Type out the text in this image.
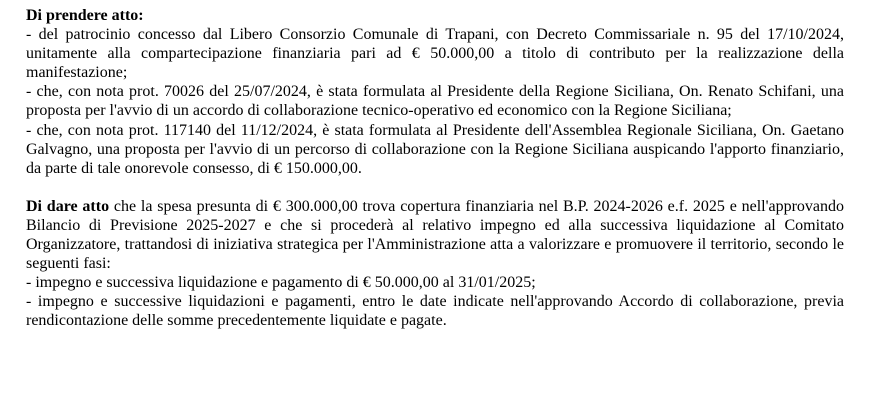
Di prendere atto:
- del patrocinio concesso dal Libero Consorzio Comunale di Trapani, con Decreto Commissariale n. 95 del 17/10/2024, unitamente alla compartecipazione finanziaria pari ad € 50.000,00 a titolo di contributo per la realizzazione della manifestazione;
- che, con nota prot. 70026 del 25/07/2024, è stata formulata al Presidente della Regione Siciliana, On. Renato Schifani, una proposta per l'avvio di un accordo di collaborazione tecnico-operativo ed economico con la Regione Siciliana;
- che, con nota prot. 117140 del 11/12/2024, è stata formulata al Presidente dell'Assemblea Regionale Siciliana, On. Gaetano Galvagno, una proposta per l'avvio di un percorso di collaborazione con la Regione Siciliana auspicando l'apporto finanziario, da parte di tale onorevole consesso, di € 150.000,00.
Di dare atto che la spesa presunta di € 300.000,00 trova copertura finanziaria nel B.P. 2024-2026 e.f. 2025 e nell'approvando Bilancio di Previsione 2025-2027 e che si procederà al relativo impegno ed alla successiva liquidazione al Comitato Organizzatore, trattandosi di iniziativa strategica per l'Amministrazione atta a valorizzare e promuovere il territorio, secondo le seguenti fasi:
- impegno e successiva liquidazione e pagamento di € 50.000,00 al 31/01/2025;
- impegno e successive liquidazioni e pagamenti, entro le date indicate nell'approvando Accordo di collaborazione, previa rendicontazione delle somme precedentemente liquidate e pagate.
